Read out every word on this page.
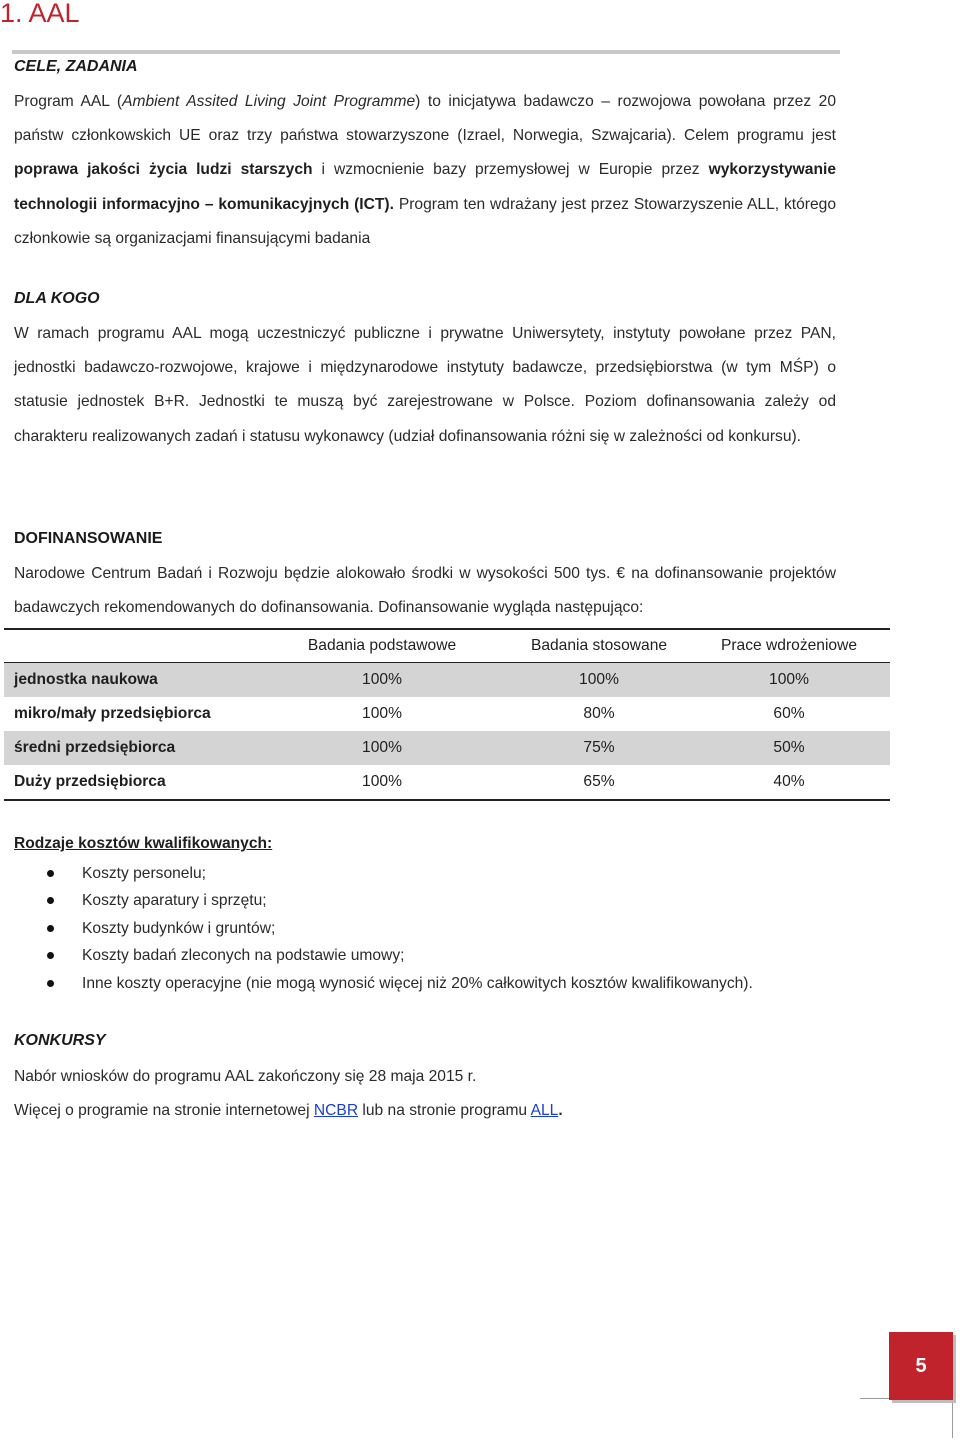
1. AAL
CELE, ZADANIA

Program AAL (Ambient Assited Living Joint Programme) to inicjatywa badawczo – rozwojowa powołana przez 20 państw członkowskich UE oraz trzy państwa stowarzyszone (Izrael, Norwegia, Szwajcaria). Celem programu jest poprawa jakości życia ludzi starszych i wzmocnienie bazy przemysłowej w Europie przez wykorzystywanie technologii informacyjno – komunikacyjnych (ICT). Program ten wdrażany jest przez Stowarzyszenie ALL, którego członkowie są organizacjami finansującymi badania

DLA KOGO

W ramach programu AAL mogą uczestniczyć publiczne i prywatne Uniwersytety, instytuty powołane przez PAN, jednostki badawczo-rozwojowe, krajowe i międzynarodowe instytuty badawcze, przedsiębiorstwa (w tym MŚP) o statusie jednostek B+R. Jednostki te muszą być zarejestrowane w Polsce. Poziom dofinansowania zależy od charakteru realizowanych zadań i statusu wykonawcy (udział dofinansowania różni się w zależności od konkursu).

DOFINANSOWANIE

Narodowe Centrum Badań i Rozwoju będzie alokowało środki w wysokości 500 tys. € na dofinansowanie projektów badawczych rekomendowanych do dofinansowania. Dofinansowanie wygląda następująco:

	Badania podstawowe	Badania stosowane	Prace wdrożeniowe
jednostka naukowa	100%	100%	100%
mikro/mały przedsiębiorca	100%	80%	60%
średni przedsiębiorca	100%	75%	50%
Duży przedsiębiorca	100%	65%	40%
Rodzaje kosztów kwalifikowanych:
Koszty personelu;
Koszty aparatury i sprzętu;
Koszty budynków i gruntów;
Koszty badań zleconych na podstawie umowy;
Inne koszty operacyjne (nie mogą wynosić więcej niż 20% całkowitych kosztów kwalifikowanych).
KONKURSY

Nabór wniosków do programu AAL zakończony się 28 maja 2015 r.

Więcej o programie na stronie internetowej NCBR lub na stronie programu ALL.

5
